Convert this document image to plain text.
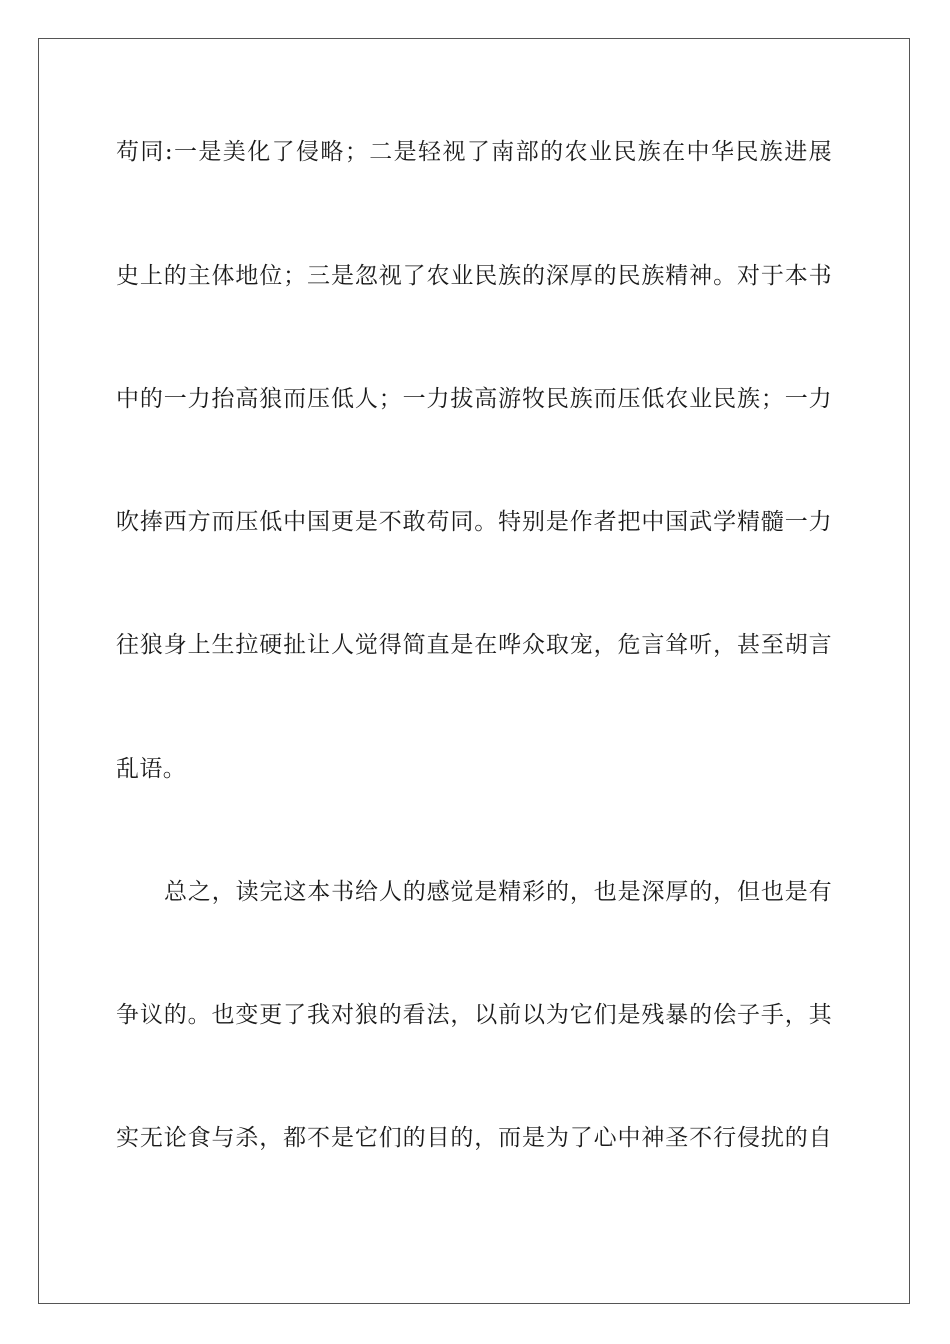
苟同:一是美化了侵略；二是轻视了南部的农业民族在中华民族进展
史上的主体地位；三是忽视了农业民族的深厚的民族精神。对于本书
中的一力抬高狼而压低人；一力拔高游牧民族而压低农业民族；一力
吹捧西方而压低中国更是不敢苟同。特别是作者把中国武学精髓一力
往狼身上生拉硬扯让人觉得简直是在哗众取宠，危言耸听，甚至胡言
乱语。
总之，读完这本书给人的感觉是精彩的，也是深厚的，但也是有
争议的。也变更了我对狼的看法，以前以为它们是残暴的侩子手，其
实无论食与杀，都不是它们的目的，而是为了心中神圣不行侵扰的自
